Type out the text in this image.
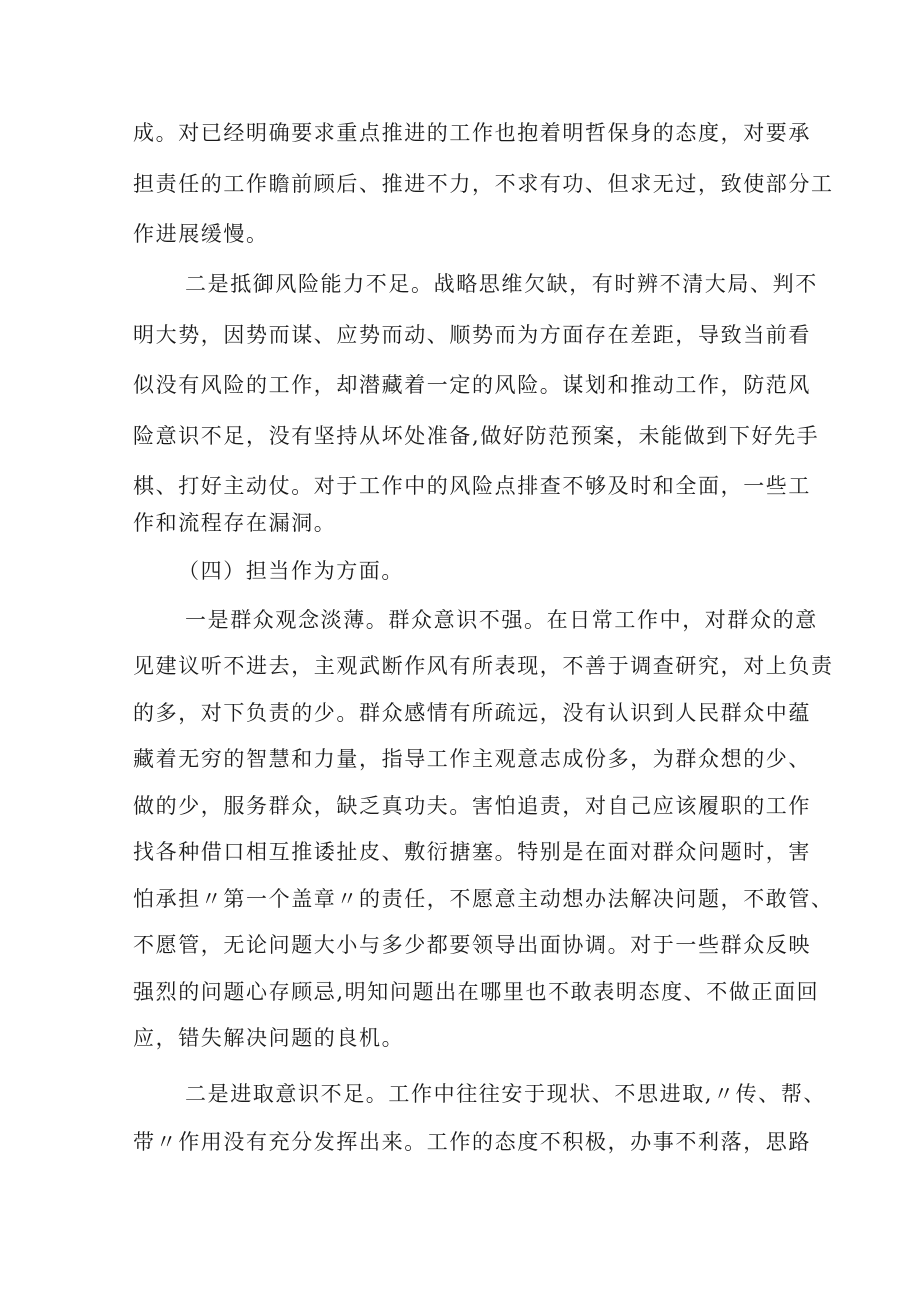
成。对已经明确要求重点推进的工作也抱着明哲保身的态度，对要承
担责任的工作瞻前顾后、推进不力，不求有功、但求无过，致使部分工
作进展缓慢。
二是抵御风险能力不足。战略思维欠缺，有时辨不清大局、判不
明大势，因势而谋、应势而动、顺势而为方面存在差距，导致当前看
似没有风险的工作，却潜藏着一定的风险。谋划和推动工作，防范风
险意识不足，没有坚持从坏处准备,做好防范预案，未能做到下好先手
棋、打好主动仗。对于工作中的风险点排查不够及时和全面，一些工
作和流程存在漏洞。
（四）担当作为方面。
一是群众观念淡薄。群众意识不强。在日常工作中，对群众的意
见建议听不进去，主观武断作风有所表现，不善于调查研究，对上负责
的多，对下负责的少。群众感情有所疏远，没有认识到人民群众中蕴
藏着无穷的智慧和力量，指导工作主观意志成份多，为群众想的少、
做的少，服务群众，缺乏真功夫。害怕追责，对自己应该履职的工作
找各种借口相互推诿扯皮、敷衍搪塞。特别是在面对群众问题时，害
怕承担〃第一个盖章〃的责任，不愿意主动想办法解决问题，不敢管、
不愿管，无论问题大小与多少都要领导出面协调。对于一些群众反映
强烈的问题心存顾忌,明知问题出在哪里也不敢表明态度、不做正面回
应，错失解决问题的良机。
二是进取意识不足。工作中往往安于现状、不思进取,〃传、帮、
带〃作用没有充分发挥出来。工作的态度不积极，办事不利落，思路
